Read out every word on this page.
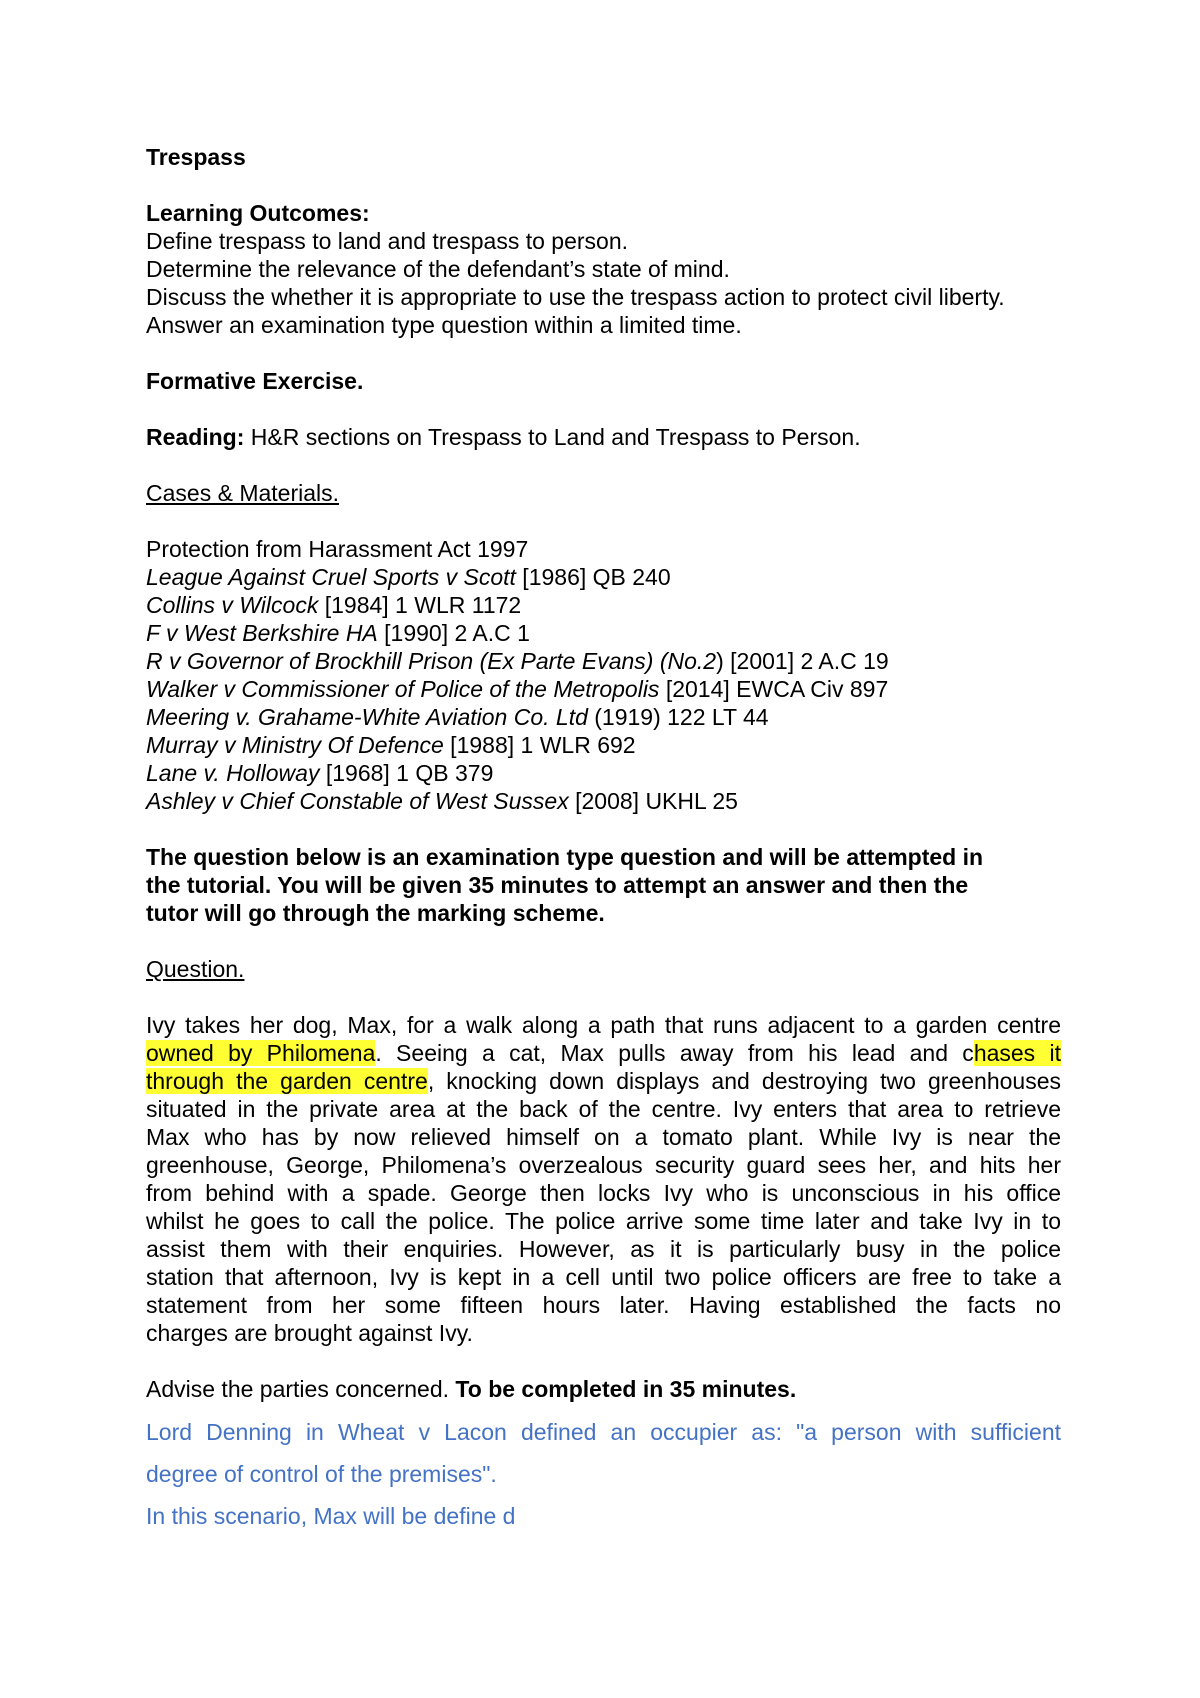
Trespass
Learning Outcomes:
Define trespass to land and trespass to person.
Determine the relevance of the defendant’s state of mind.
Discuss the whether it is appropriate to use the trespass action to protect civil liberty.
Answer an examination type question within a limited time.
Formative Exercise.
Reading: H&R sections on Trespass to Land and Trespass to Person.
Cases & Materials.
Protection from Harassment Act 1997
League Against Cruel Sports v Scott [1986] QB 240
Collins v Wilcock [1984] 1 WLR 1172
F v West Berkshire HA [1990] 2 A.C 1
R v Governor of Brockhill Prison (Ex Parte Evans) (No.2) [2001] 2 A.C 19
Walker v Commissioner of Police of the Metropolis [2014] EWCA Civ 897
Meering v. Grahame-White Aviation Co. Ltd (1919) 122 LT 44
Murray v Ministry Of Defence [1988] 1 WLR 692
Lane v. Holloway [1968] 1 QB 379
Ashley v Chief Constable of West Sussex [2008] UKHL 25
The question below is an examination type question and will be attempted in
the tutorial. You will be given 35 minutes to attempt an answer and then the
tutor will go through the marking scheme.
Question.
Ivy takes her dog, Max, for a walk along a path that runs adjacent to a garden centre
owned by Philomena. Seeing a cat, Max pulls away from his lead and chases it
through the garden centre, knocking down displays and destroying two greenhouses
situated in the private area at the back of the centre. Ivy enters that area to retrieve
Max who has by now relieved himself on a tomato plant. While Ivy is near the
greenhouse, George, Philomena’s overzealous security guard sees her, and hits her
from behind with a spade. George then locks Ivy who is unconscious in his office
whilst he goes to call the police. The police arrive some time later and take Ivy in to
assist them with their enquiries. However, as it is particularly busy in the police
station that afternoon, Ivy is kept in a cell until two police officers are free to take a
statement from her some fifteen hours later. Having established the facts no
charges are brought against Ivy.
Advise the parties concerned. To be completed in 35 minutes.
Lord Denning in Wheat v Lacon defined an occupier as: "a person with sufficient
degree of control of the premises".
In this scenario, Max will be define d
